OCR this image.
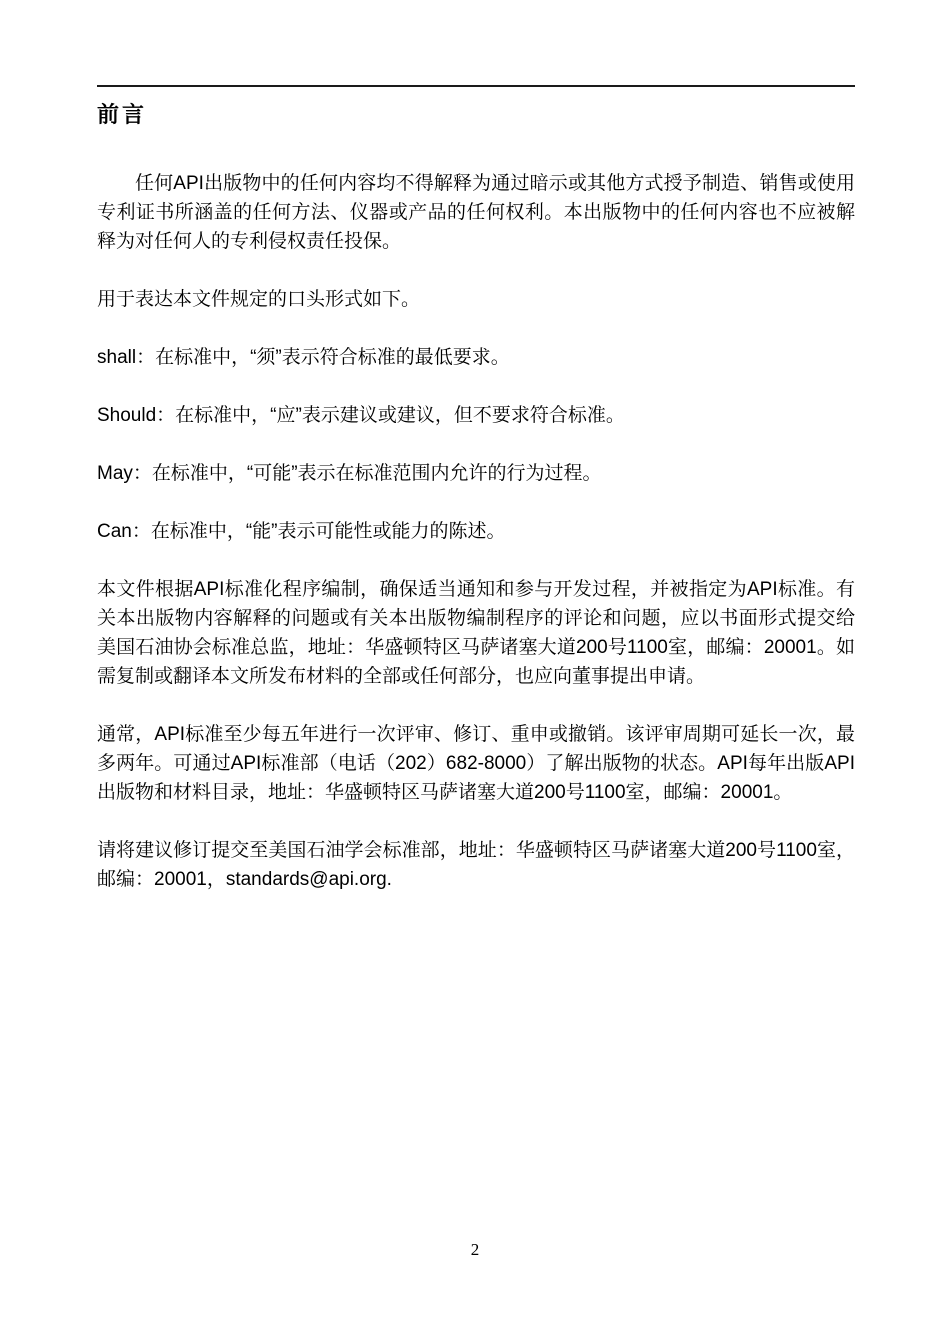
前言

任何API出版物中的任何内容均不得解释为通过暗示或其他方式授予制造、销售或使用专利证书所涵盖的任何方法、仪器或产品的任何权利。本出版物中的任何内容也不应被解释为对任何人的专利侵权责任投保。

用于表达本文件规定的口头形式如下。

shall：在标准中，“须”表示符合标准的最低要求。

Should：在标准中，“应”表示建议或建议，但不要求符合标准。

May：在标准中，“可能”表示在标准范围内允许的行为过程。

Can：在标准中，“能”表示可能性或能力的陈述。

本文件根据API标准化程序编制，确保适当通知和参与开发过程，并被指定为API标准。有关本出版物内容解释的问题或有关本出版物编制程序的评论和问题，应以书面形式提交给美国石油协会标准总监，地址：华盛顿特区马萨诸塞大道200号1100室，邮编：20001。如需复制或翻译本文所发布材料的全部或任何部分，也应向董事提出申请。

通常，API标准至少每五年进行一次评审、修订、重申或撤销。该评审周期可延长一次，最多两年。可通过API标准部（电话（202）682-8000）了解出版物的状态。API每年出版API出版物和材料目录，地址：华盛顿特区马萨诸塞大道200号1100室，邮编：20001。

请将建议修订提交至美国石油学会标准部，地址：华盛顿特区马萨诸塞大道200号1100室，邮编：20001，standards@api.org.

2
